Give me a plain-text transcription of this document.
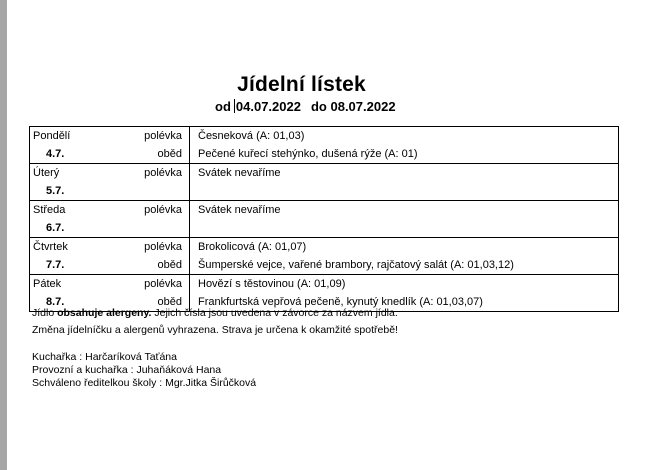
Jídelní lístek
od 04.07.2022 do 08.07.2022
Pondělí	polévka	Česneková (A: 01,03)
4.7.	oběd	Pečené kuřecí stehýnko, dušená rýže (A: 01)
Úterý	polévka	Svátek nevaříme
5.7.		
Středa	polévka	Svátek nevaříme
6.7.		
Čtvrtek	polévka	Brokolicová (A: 01,07)
7.7.	oběd	Šumperské vejce, vařené brambory, rajčatový salát (A: 01,03,12)
Pátek	polévka	Hovězí s těstovinou (A: 01,09)
8.7.	oběd	Frankfurtská vepřová pečeně, kynutý knedlík (A: 01,03,07)
Jídlo obsahuje alergeny. Jejich čísla jsou uvedena v závorce za názvem jídla.
Změna jídelníčku a alergenů vyhrazena. Strava je určena k okamžité spotřebě!
Kuchařka : Harčaríková Taťána
Provozní a kuchařka : Juhaňáková Hana
Schváleno ředitelkou školy : Mgr.Jitka Širůčková
